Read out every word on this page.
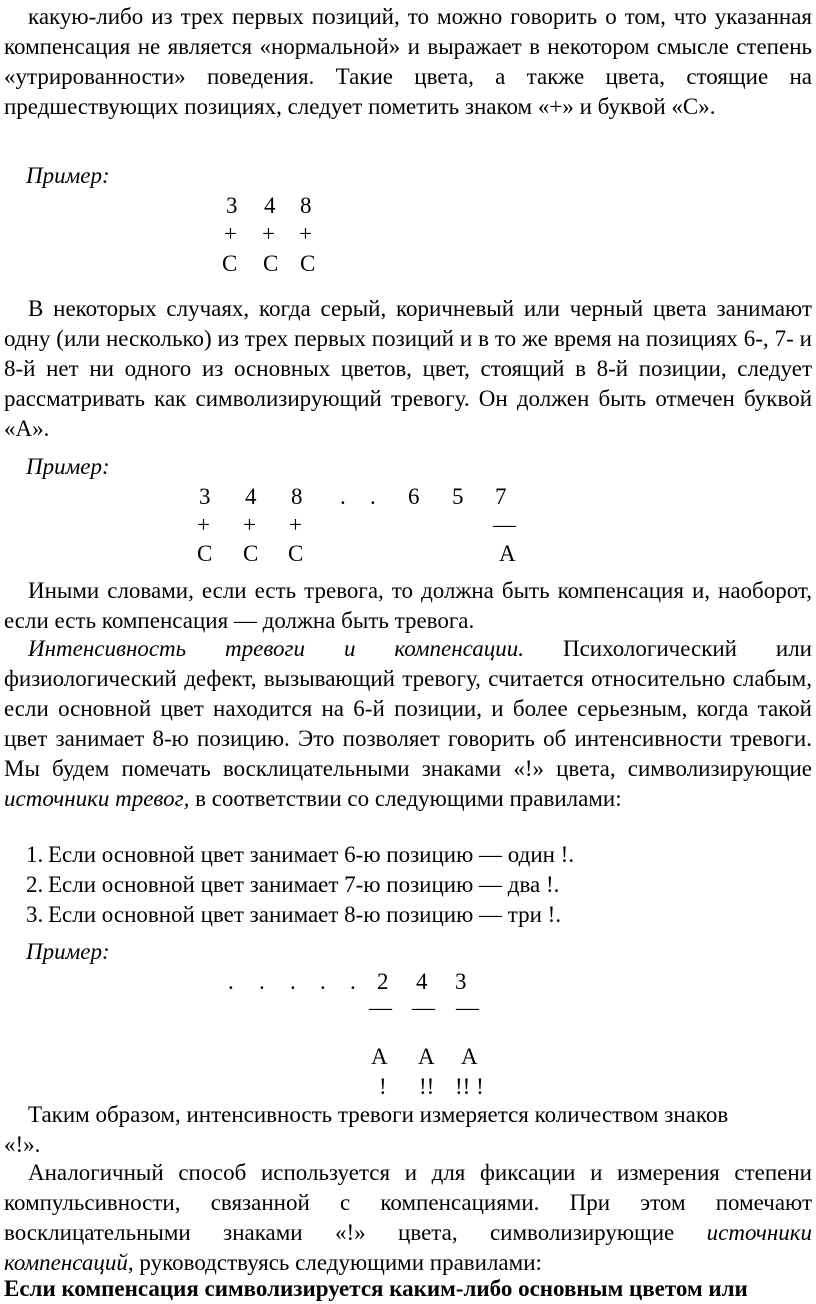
какую-либо из трех первых позиций, то можно говорить о том, что указанная компенсация не является «нормальной» и выражает в некотором смысле степень «утрированности» поведения. Такие цвета, а также цвета, стоящие на предшествующих позициях, следует пометить знаком «+» и буквой «С».
Пример:
3 4 8
+ + +
С С С
В некоторых случаях, когда серый, коричневый или черный цвета занимают одну (или несколько) из трех первых позиций и в то же время на позициях 6-, 7- и 8-й нет ни одного из основных цветов, цвет, стоящий в 8-й позиции, следует рассматривать как символизирующий тревогу. Он должен быть отмечен буквой «А».
Пример:
3 4 8 . . 6 5 7
+ + +	—
С С С	А
Иными словами, если есть тревога, то должна быть компенсация и, наоборот, если есть компенсация — должна быть тревога.
Интенсивность тревоги и компенсации. Психологический или физиологический дефект, вызывающий тревогу, считается относительно слабым, если основной цвет находится на 6-й позиции, и более серьезным, когда такой цвет занимает 8-ю позицию. Это позволяет говорить об интенсивности тревоги. Мы будем помечать восклицательными знаками «!» цвета, символизирующие источники тревог, в соответствии со следующими правилами:
1. Если основной цвет занимает 6-ю позицию — один !.
2. Если основной цвет занимает 7-ю позицию — два !.
3. Если основной цвет занимает 8-ю позицию — три !.
Пример:
. . . . . 2 4 3
— — —
А А А
! !! !! !
Таким образом, интенсивность тревоги измеряется количеством знаков «!».
Аналогичный способ используется и для фиксации и измерения степени компульсивности, связанной с компенсациями. При этом помечают восклицательными знаками «!» цвета, символизирующие источники компенсаций, руководствуясь следующими правилами:
Если компенсация символизируется каким-либо основным цветом или
